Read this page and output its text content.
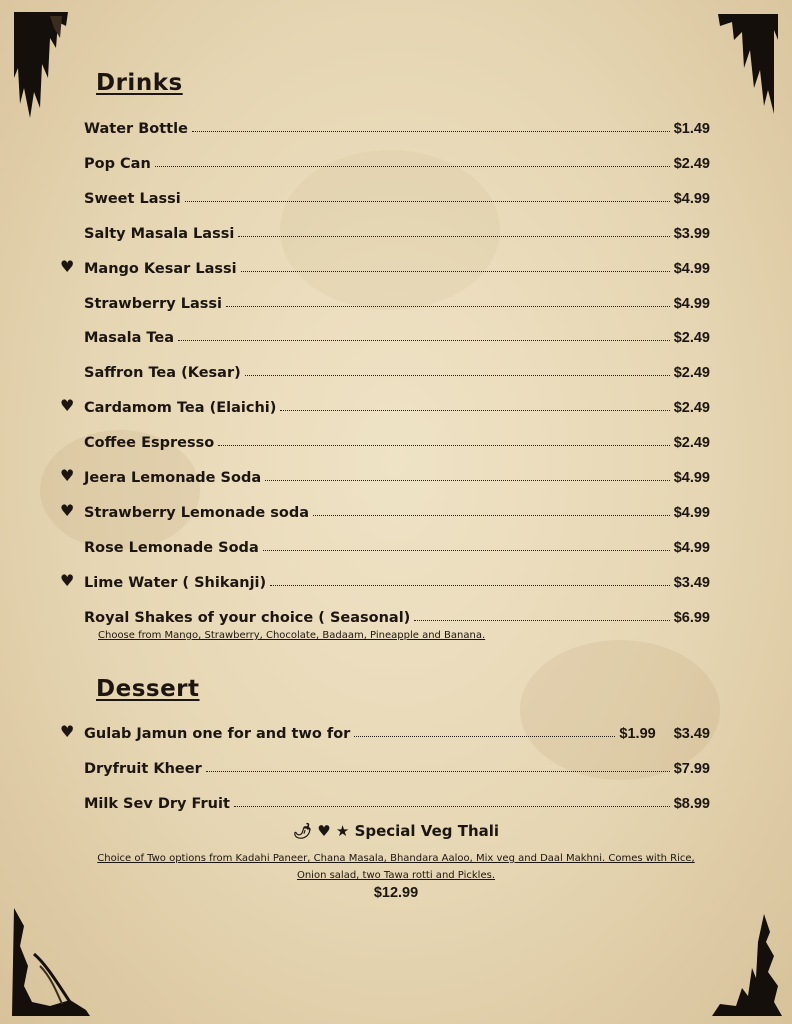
Drinks
Water Bottle	$1.49
Pop Can	$2.49
Sweet Lassi	$4.99
Salty Masala Lassi	$3.99
♥ Mango Kesar Lassi	$4.99
Strawberry Lassi	$4.99
Masala Tea	$2.49
Saffron Tea (Kesar)	$2.49
♥ Cardamom Tea (Elaichi)	$2.49
Coffee Espresso	$2.49
♥ Jeera Lemonade Soda	$4.99
♥ Strawberry Lemonade soda	$4.99
Rose Lemonade Soda	$4.99
♥ Lime Water ( Shikanji)	$3.49
Royal Shakes of your choice ( Seasonal)	$6.99
Choose from Mango, Strawberry, Chocolate, Badaam, Pineapple and Banana.
Dessert
♥ Gulab Jamun one for and two for	$1.99 $3.49
Dryfruit Kheer	$7.99
Milk Sev Dry Fruit	$8.99
🌶 ♥ ★ Special Veg Thali
Choice of Two options from Kadahi Paneer, Chana Masala, Bhandara Aaloo, Mix veg and Daal Makhni. Comes with Rice, Onion salad, two Tawa rotti and Pickles.
$12.99
